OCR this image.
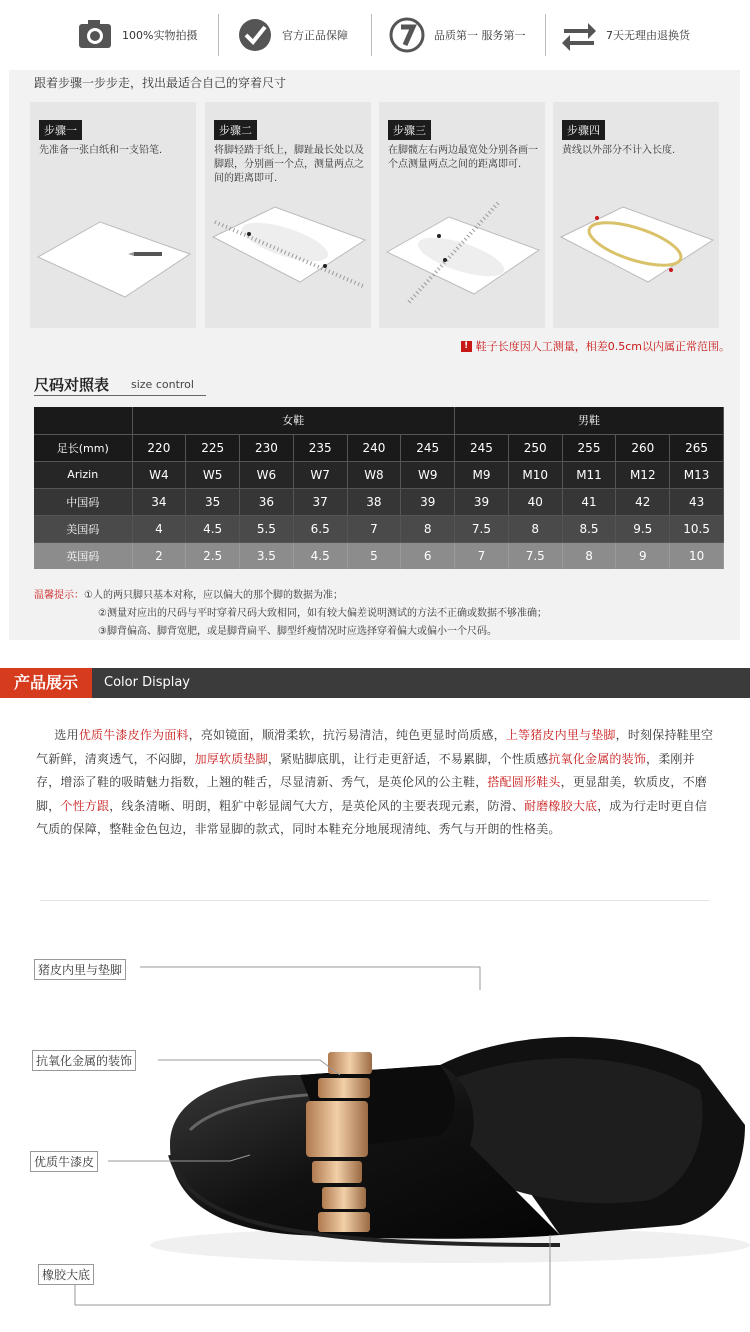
100%实物拍摄	官方正品保障	品质第一 服务第一	7天无理由退换货
跟着步骤一步步走，找出最适合自己的穿着尺寸
步骤一
先准备一张白纸和一支铅笔.
步骤二
将脚轻踏于纸上，脚趾最长处以及脚跟，分别画一个点，测量两点之间的距离即可.
步骤三
在脚髋左右两边最宽处分别各画一个点测量两点之间的距离即可.
步骤四
黄线以外部分不计入长度.
! 鞋子长度因人工测量，相差0.5cm以内属正常范围。
尺码对照表 size control
	女鞋						男鞋				
足长(mm)	220	225	230	235	240	245	245	250	255	260	265
Arizin	W4	W5	W6	W7	W8	W9	M9	M10	M11	M12	M13
中国码	34	35	36	37	38	39	39	40	41	42	43
美国码	4	4.5	5.5	6.5	7	8	7.5	8	8.5	9.5	10.5
英国码	2	2.5	3.5	4.5	5	6	7	7.5	8	9	10
温馨提示：①人的两只脚只基本对称，应以偏大的那个脚的数据为准；
②测量对应出的尺码与平时穿着尺码大致相同，如有较大偏差说明测试的方法不正确或数据不够准确；
③脚背偏高、脚背宽肥，或是脚背扁平、脚型纤瘦情况时应选择穿着偏大或偏小一个尺码。
产品展示	Color Display
  选用优质牛漆皮作为面料，亮如镜面，顺滑柔软，抗污易清洁，纯色更显时尚质感，上等猪皮内里与垫脚，时刻保持鞋里空气新鲜，清爽透气，不闷脚，加厚软质垫脚，紧贴脚底肌，让行走更舒适，不易累脚，个性质感抗氧化金属的装饰，柔刚并存，增添了鞋的吸睛魅力指数，上翘的鞋舌，尽显清新、秀气，是英伦风的公主鞋，搭配圆形鞋头，更显甜美，软质皮，不磨脚，个性方跟，线条清晰、明朗，粗犷中彰显阔气大方，是英伦风的主要表现元素，防滑、耐磨橡胶大底，成为行走时更自信气质的保障，整鞋金色包边，非常显脚的款式，同时本鞋充分地展现清纯、秀气与开朗的性格美。
猪皮内里与垫脚
抗氧化金属的装饰
优质牛漆皮
橡胶大底
